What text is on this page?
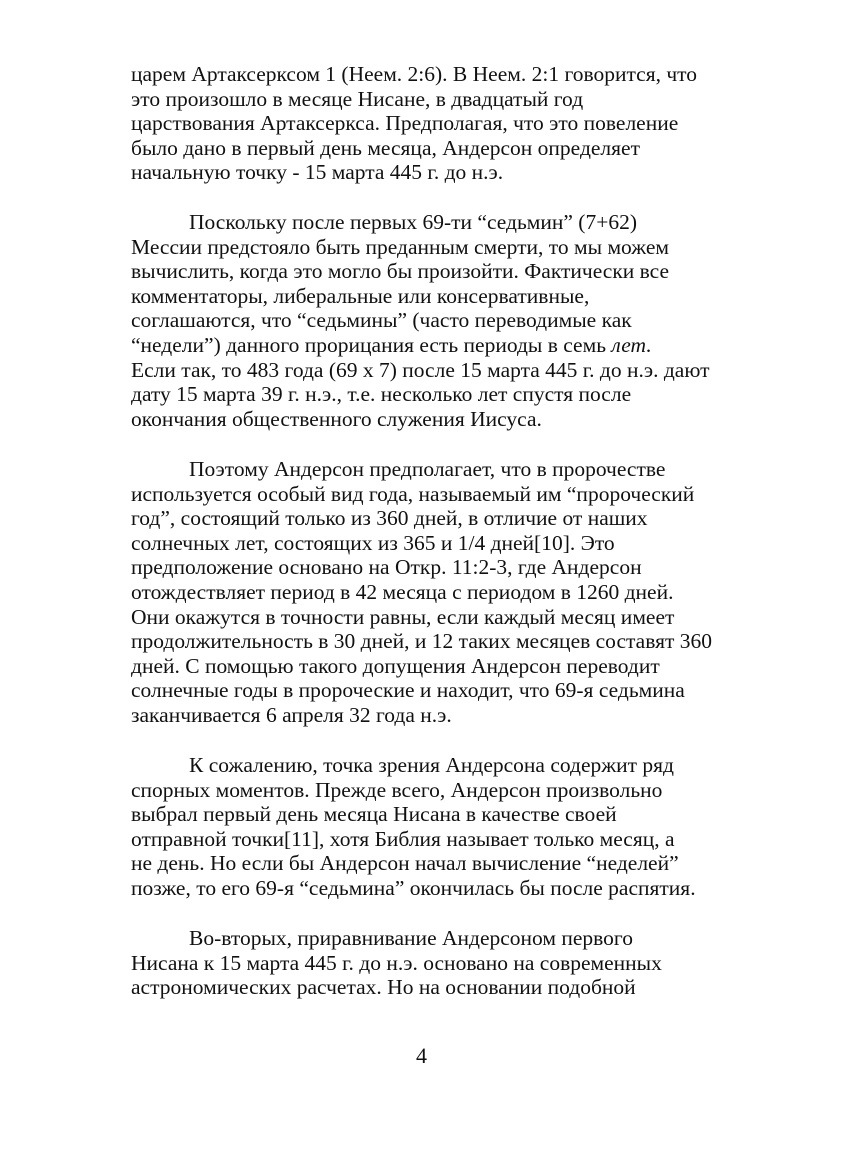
царем Артаксерксом 1 (Неем. 2:6). В Неем. 2:1 говорится, что
это произошло в месяце Нисане, в двадцатый год
царствования Артаксеркса. Предполагая, что это повеление
было дано в первый день месяца, Андерсон определяет
начальную точку - 15 марта 445 г. до н.э.
Поскольку после первых 69-ти “седьмин” (7+62)
Мессии предстояло быть преданным смерти, то мы можем
вычислить, когда это могло бы произойти. Фактически все
комментаторы, либеральные или консервативные,
соглашаются, что “седьмины” (часто переводимые как
“недели”) данного прорицания есть периоды в семь лет.
Если так, то 483 года (69 х 7) после 15 марта 445 г. до н.э. дают
дату 15 марта 39 г. н.э., т.е. несколько лет спустя после
окончания общественного служения Иисуса.
Поэтому Андерсон предполагает, что в пророчестве
используется особый вид года, называемый им “пророческий
год”, состоящий только из 360 дней, в отличие от наших
солнечных лет, состоящих из 365 и 1/4 дней[10]. Это
предположение основано на Откр. 11:2-3, где Андерсон
отождествляет период в 42 месяца с периодом в 1260 дней.
Они окажутся в точности равны, если каждый месяц имеет
продолжительность в 30 дней, и 12 таких месяцев составят 360
дней. С помощью такого допущения Андерсон переводит
солнечные годы в пророческие и находит, что 69-я седьмина
заканчивается 6 апреля 32 года н.э.
К сожалению, точка зрения Андерсона содержит ряд
спорных моментов. Прежде всего, Андерсон произвольно
выбрал первый день месяца Нисана в качестве своей
отправной точки[11], хотя Библия называет только месяц, а
не день. Но если бы Андерсон начал вычисление “неделей”
позже, то его 69-я “седьмина” окончилась бы после распятия.
Во-вторых, приравнивание Андерсоном первого
Нисана к 15 марта 445 г. до н.э. основано на современных
астрономических расчетах. Но на основании подобной
4
